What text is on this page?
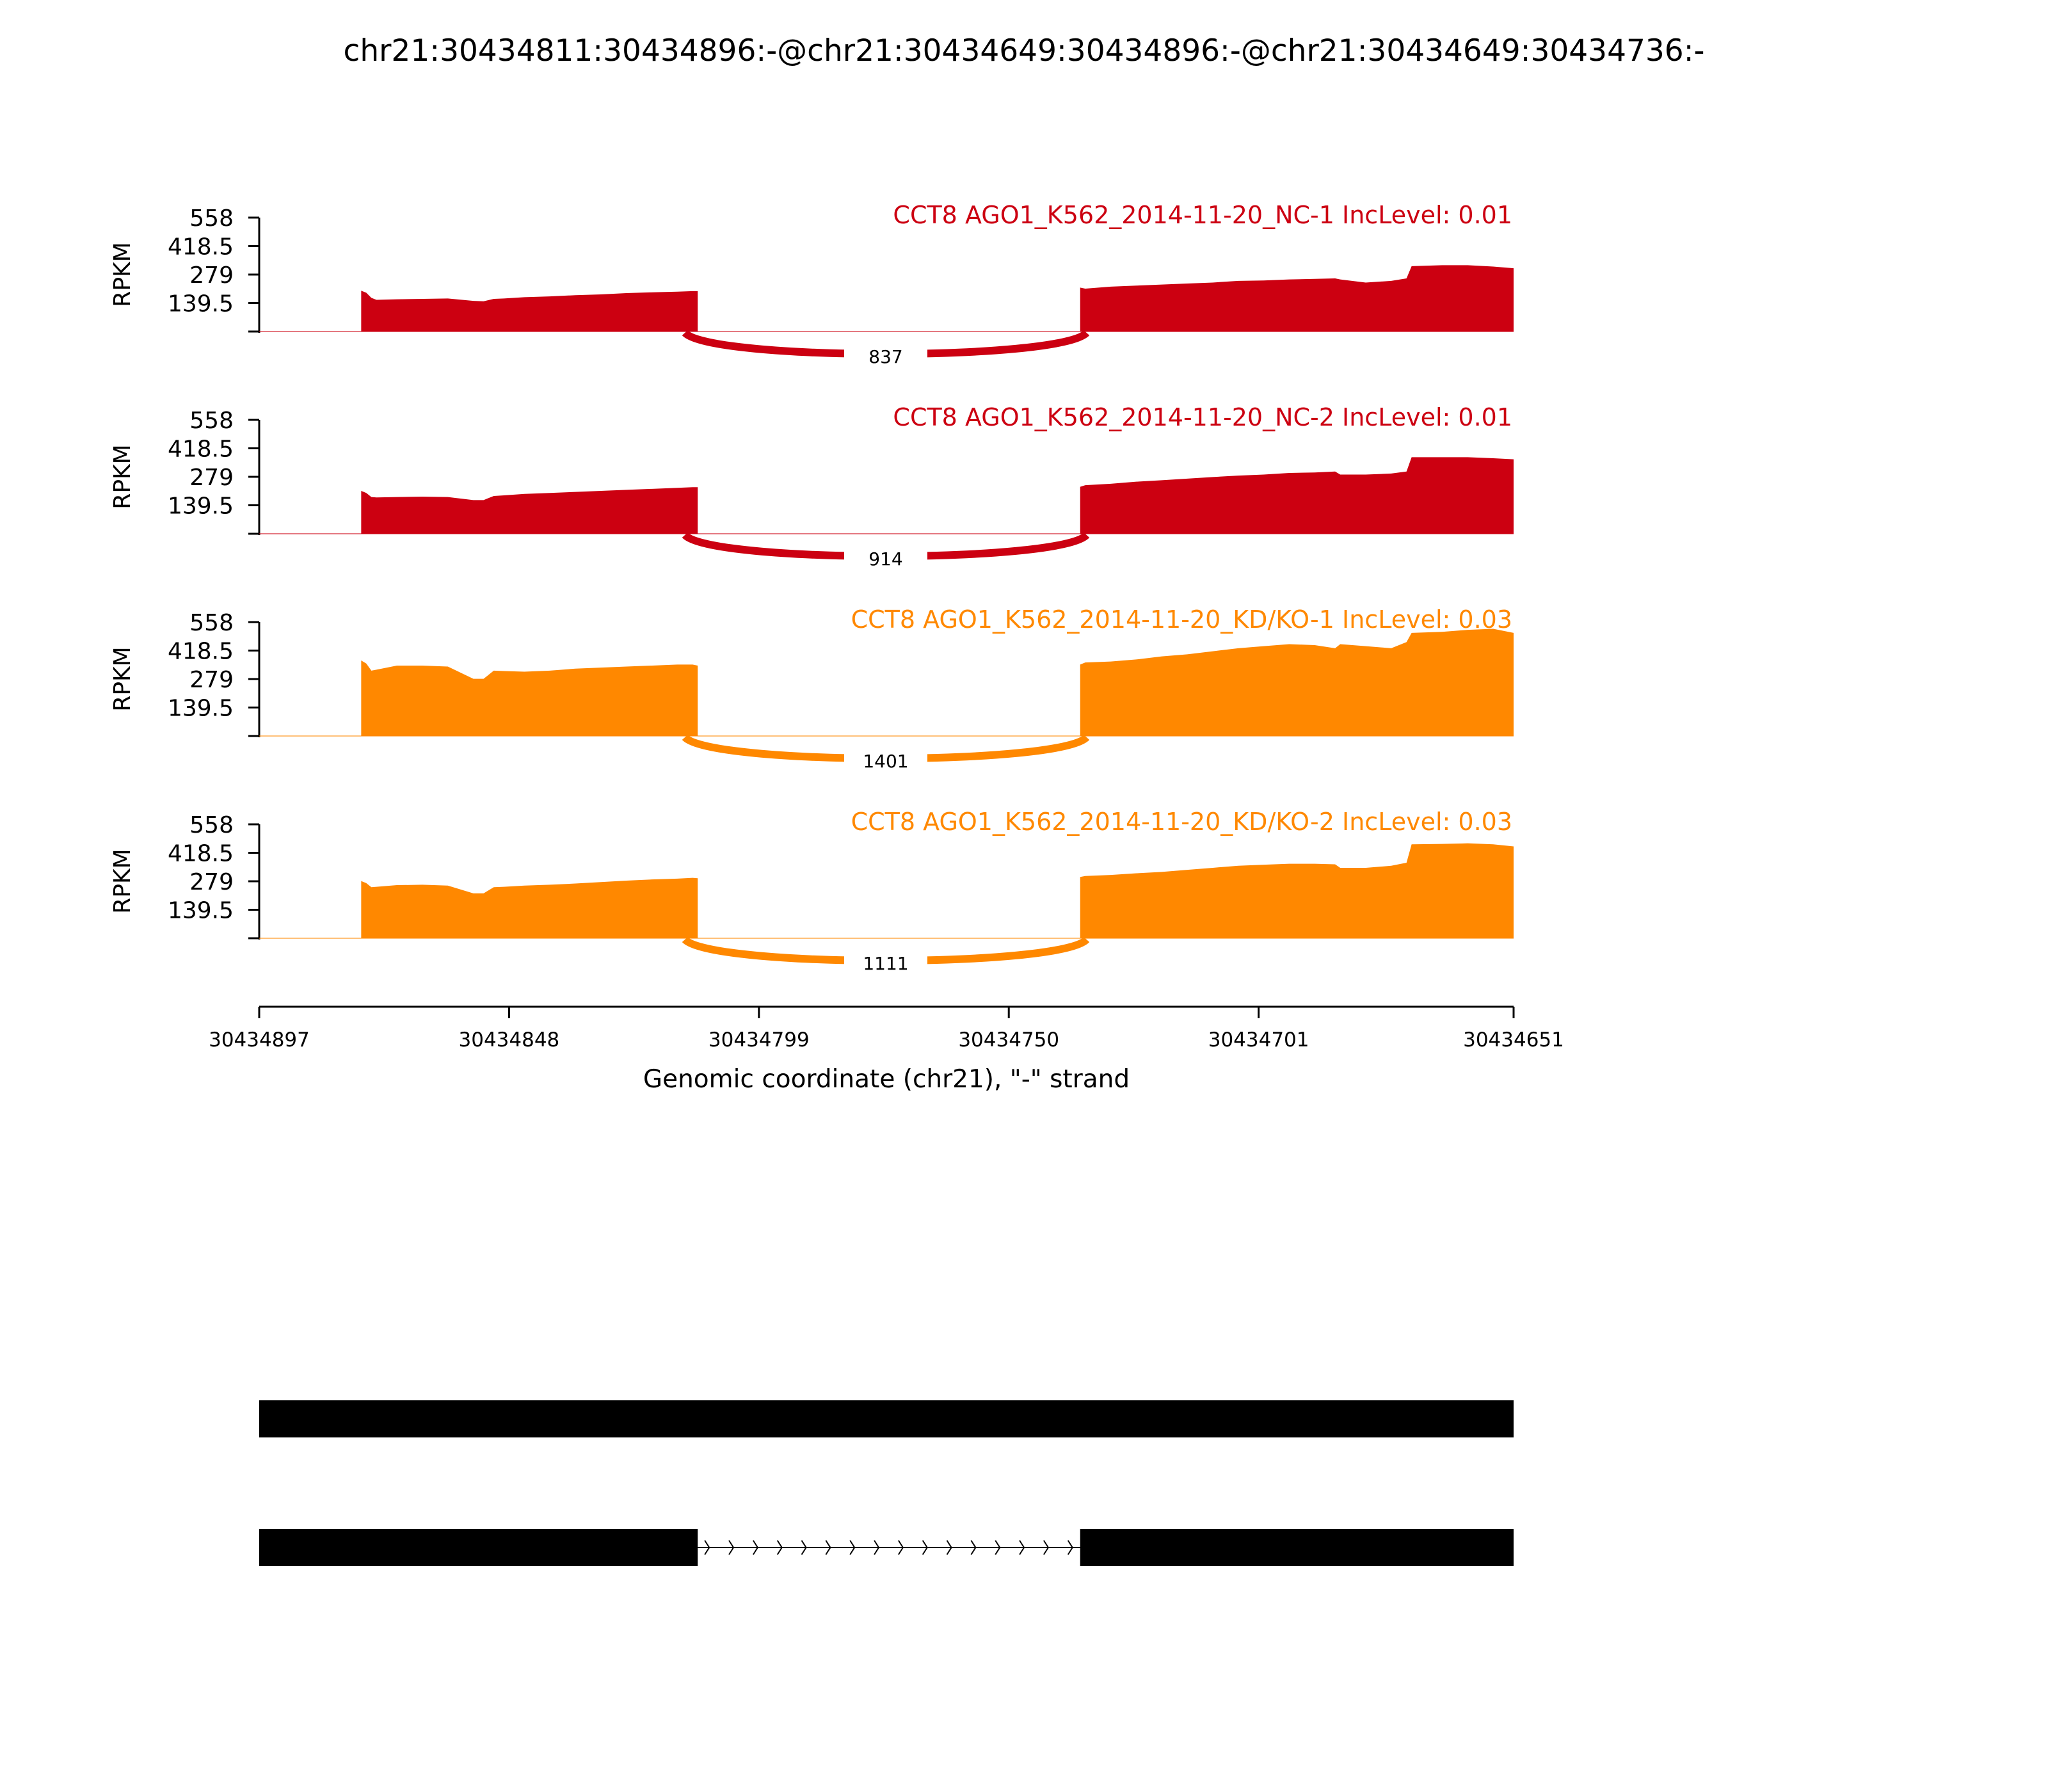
chr21:30434811:30434896:-@chr21:30434649:30434896:-@chr21:30434649:30434736:-
139.5
279
418.5
558
RPKM
837
CCT8 AGO1_K562_2014-11-20_NC-1 IncLevel: 0.01
139.5
279
418.5
558
RPKM
914
CCT8 AGO1_K562_2014-11-20_NC-2 IncLevel: 0.01
139.5
279
418.5
558
RPKM
1401
CCT8 AGO1_K562_2014-11-20_KD/KO-1 IncLevel: 0.03
139.5
279
418.5
558
RPKM
1111
CCT8 AGO1_K562_2014-11-20_KD/KO-2 IncLevel: 0.03
30434897	30434848	30434799	30434750	30434701	30434651
Genomic coordinate (chr21), "-" strand
